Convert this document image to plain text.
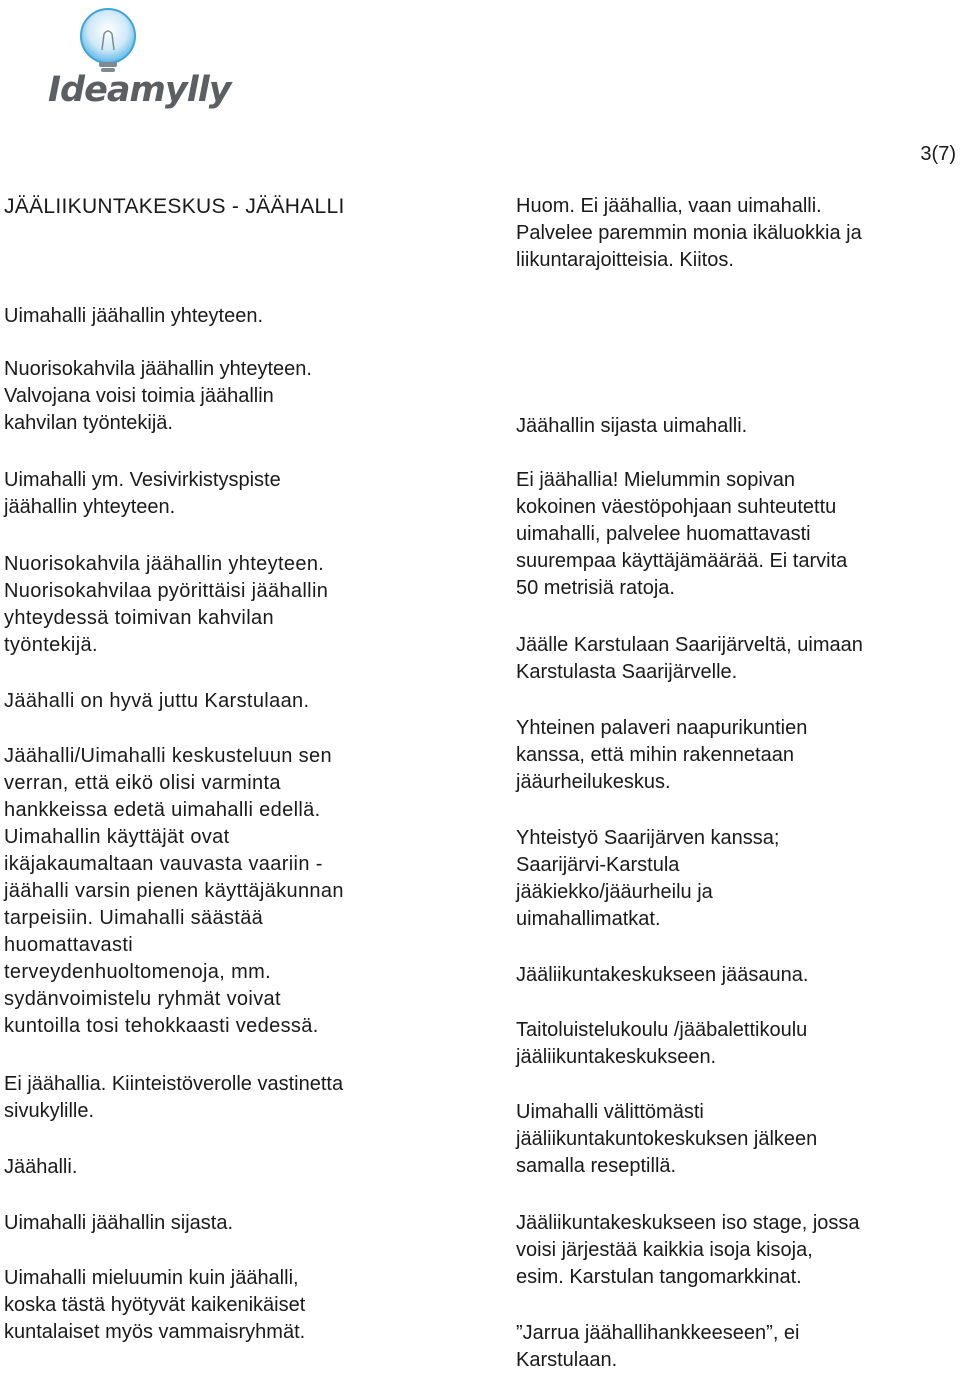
Ideamylly
3(7)
JÄÄLIIKUNTAKESKUS - JÄÄHALLI
Uimahalli jäähallin yhteyteen.
Nuorisokahvila jäähallin yhteyteen.
Valvojana voisi toimia jäähallin
kahvilan työntekijä.
Uimahalli ym. Vesivirkistyspiste
jäähallin yhteyteen.
Nuorisokahvila jäähallin yhteyteen.
Nuorisokahvilaa pyörittäisi jäähallin
yhteydessä toimivan kahvilan
työntekijä.
Jäähalli on hyvä juttu Karstulaan.
Jäähalli/Uimahalli keskusteluun sen
verran, että eikö olisi varminta
hankkeissa edetä uimahalli edellä.
Uimahallin käyttäjät ovat
ikäjakaumaltaan vauvasta vaariin -
jäähalli varsin pienen käyttäjäkunnan
tarpeisiin. Uimahalli säästää
huomattavasti
terveydenhuoltomenoja, mm.
sydänvoimistelu ryhmät voivat
kuntoilla tosi tehokkaasti vedessä.
Ei jäähallia. Kiinteistöverolle vastinetta
sivukylille.
Jäähalli.
Uimahalli jäähallin sijasta.
Uimahalli mieluumin kuin jäähalli,
koska tästä hyötyvät kaikenikäiset
kuntalaiset myös vammaisryhmät.
Huom. Ei jäähallia, vaan uimahalli.
Palvelee paremmin monia ikäluokkia ja
liikuntarajoitteisia. Kiitos.
Jäähallin sijasta uimahalli.
Ei jäähallia! Mielummin sopivan
kokoinen väestöpohjaan suhteutettu
uimahalli, palvelee huomattavasti
suurempaa käyttäjämäärää. Ei tarvita
50 metrisiä ratoja.
Jäälle Karstulaan Saarijärveltä, uimaan
Karstulasta Saarijärvelle.
Yhteinen palaveri naapurikuntien
kanssa, että mihin rakennetaan
jääurheilukeskus.
Yhteistyö Saarijärven kanssa;
Saarijärvi-Karstula
jääkiekko/jääurheilu ja
uimahallimatkat.
Jääliikuntakeskukseen jääsauna.
Taitoluistelukoulu /jääbalettikoulu
jääliikuntakeskukseen.
Uimahalli välittömästi
jääliikuntakuntokeskuksen jälkeen
samalla reseptillä.
Jääliikuntakeskukseen iso stage, jossa
voisi järjestää kaikkia isoja kisoja,
esim. Karstulan tangomarkkinat.
”Jarrua jäähallihankkeeseen”, ei
Karstulaan.
